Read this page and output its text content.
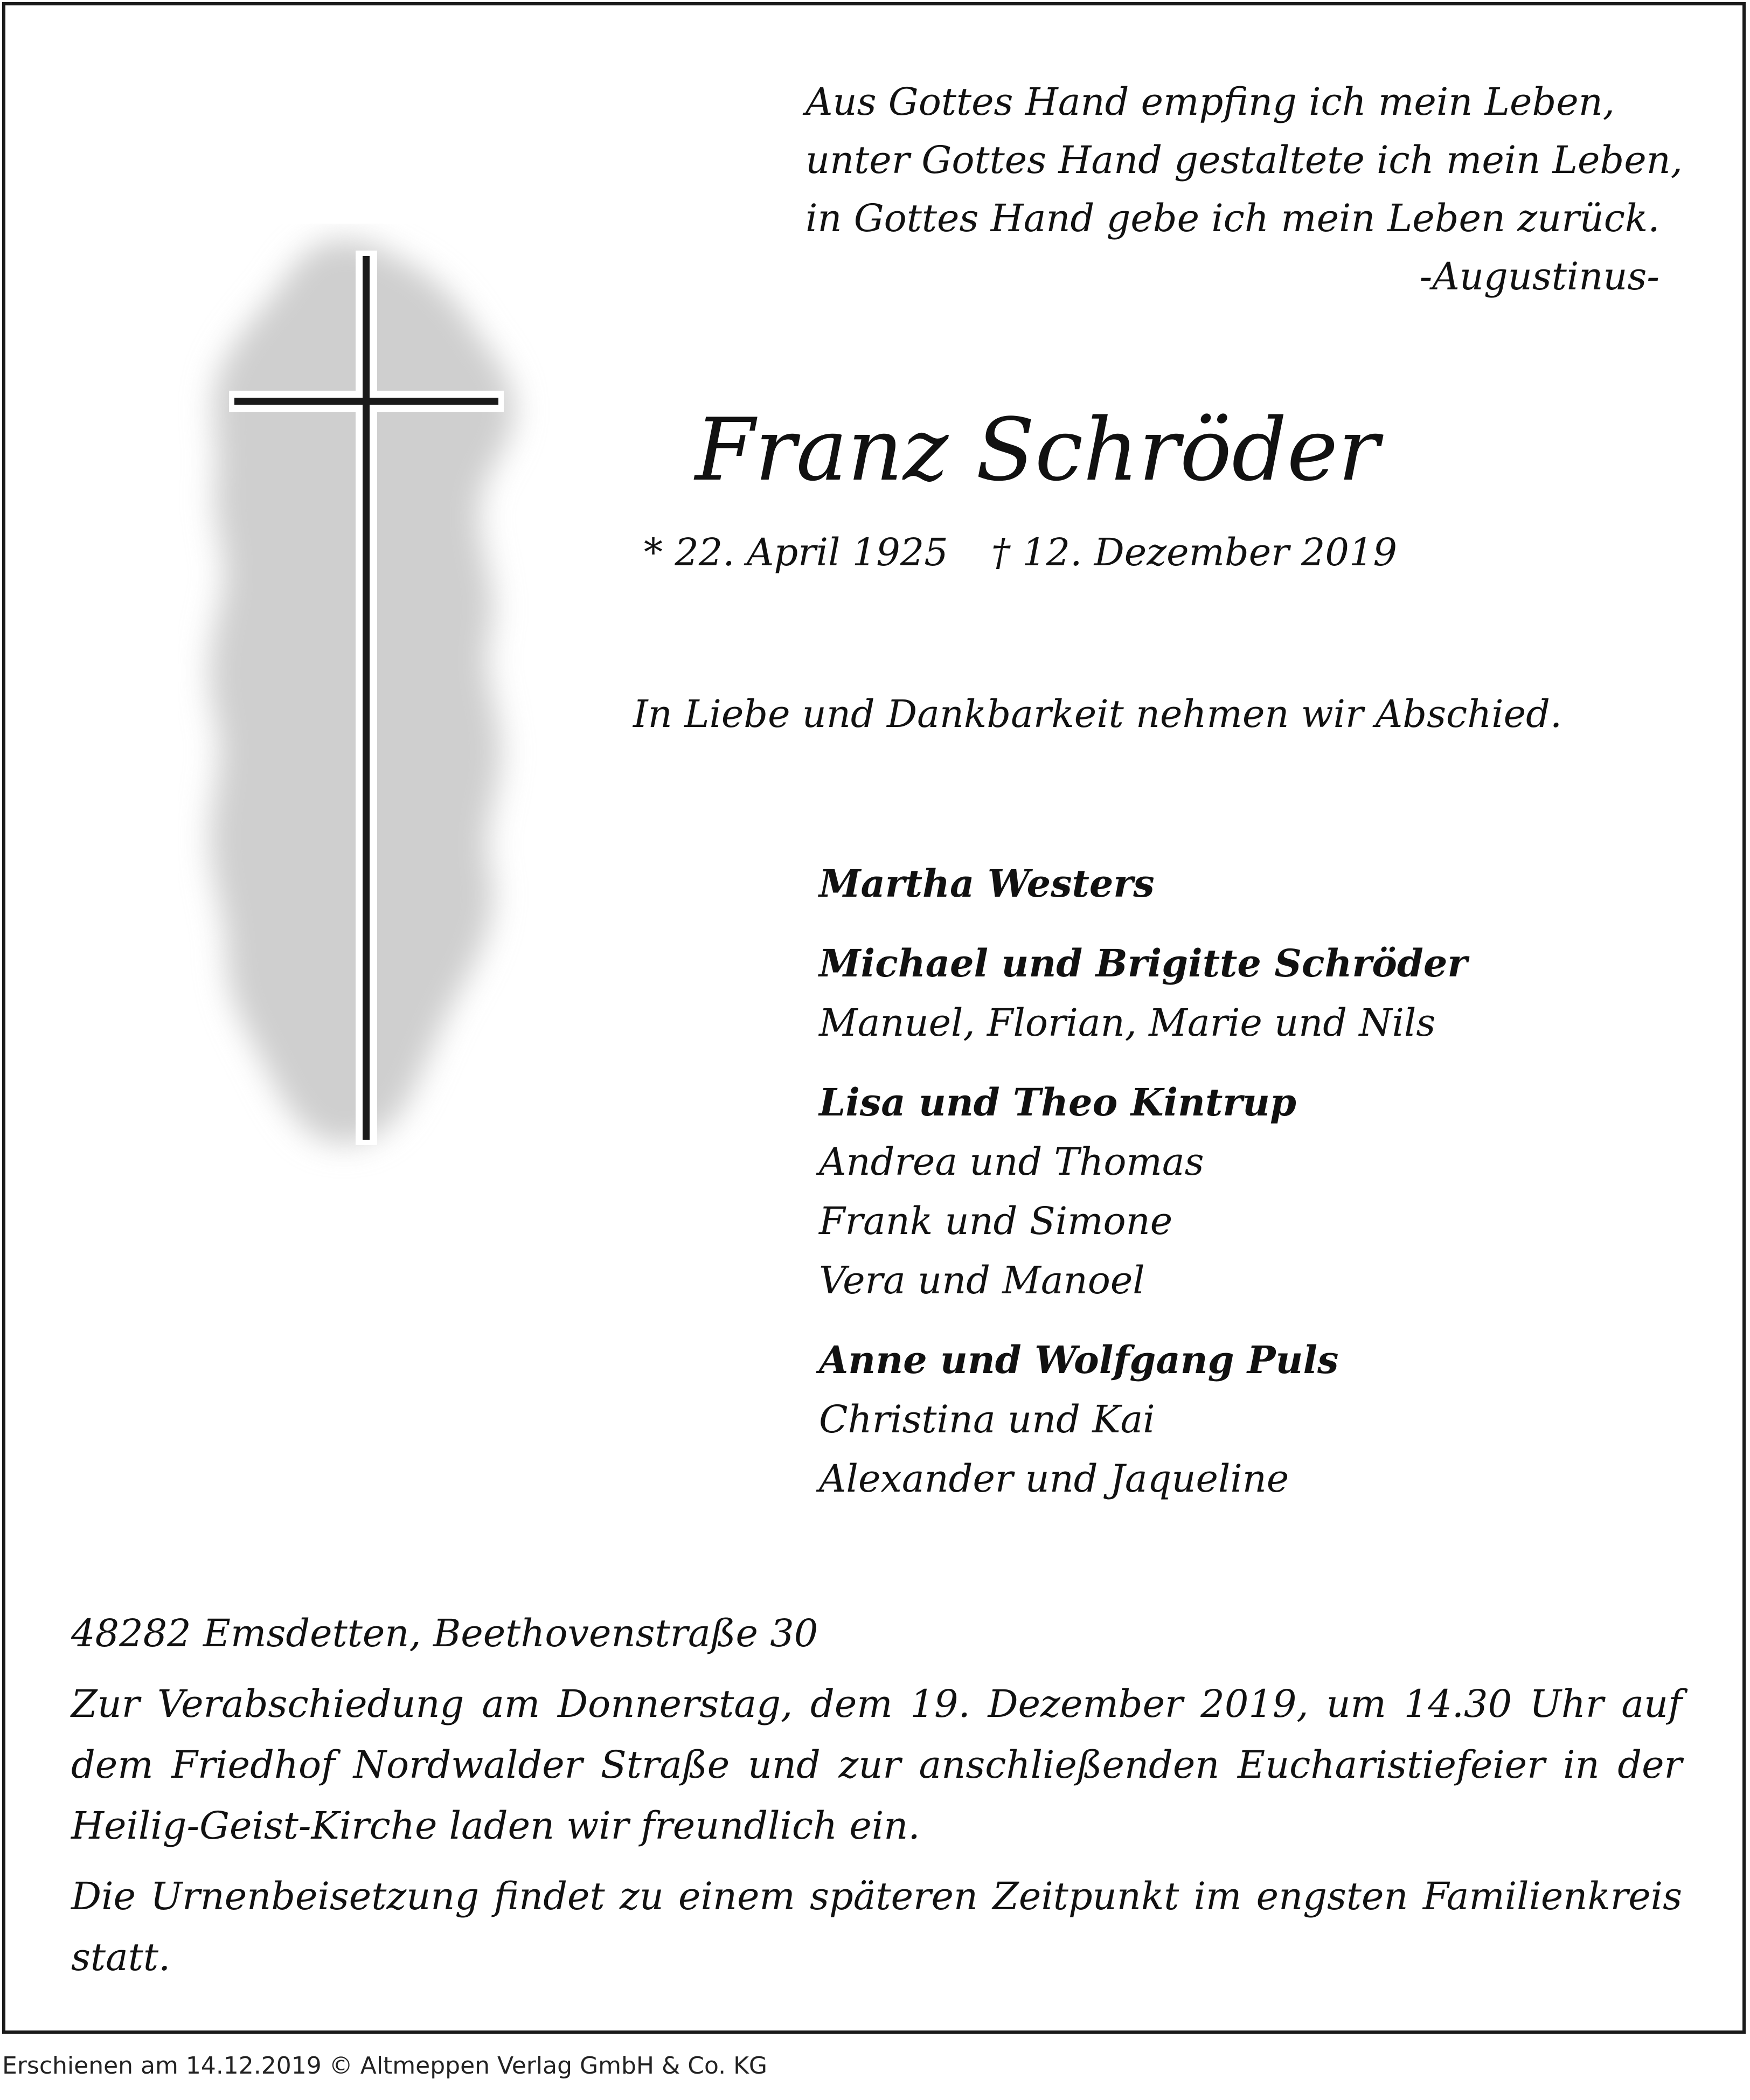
Aus Gottes Hand empfing ich mein Leben,
unter Gottes Hand gestaltete ich mein Leben,
in Gottes Hand gebe ich mein Leben zurück.
-Augustinus-
Franz Schröder
* 22. April 1925 † 12. Dezember 2019
In Liebe und Dankbarkeit nehmen wir Abschied.
Martha Westers
Michael und Brigitte Schröder
Manuel, Florian, Marie und Nils
Lisa und Theo Kintrup
Andrea und Thomas
Frank und Simone
Vera und Manoel
Anne und Wolfgang Puls
Christina und Kai
Alexander und Jaqueline

48282 Emsdetten, Beethovenstraße 30

Zur Verabschiedung am Donnerstag, dem 19. Dezember 2019, um 14.30 Uhr auf dem Friedhof Nordwalder Straße und zur anschließenden Eucharistiefeier in der Heilig-Geist-Kirche laden wir freundlich ein.

Die Urnenbeisetzung findet zu einem späteren Zeitpunkt im engsten Familienkreis statt.

Erschienen am 14.12.2019 © Altmeppen Verlag GmbH & Co. KG
